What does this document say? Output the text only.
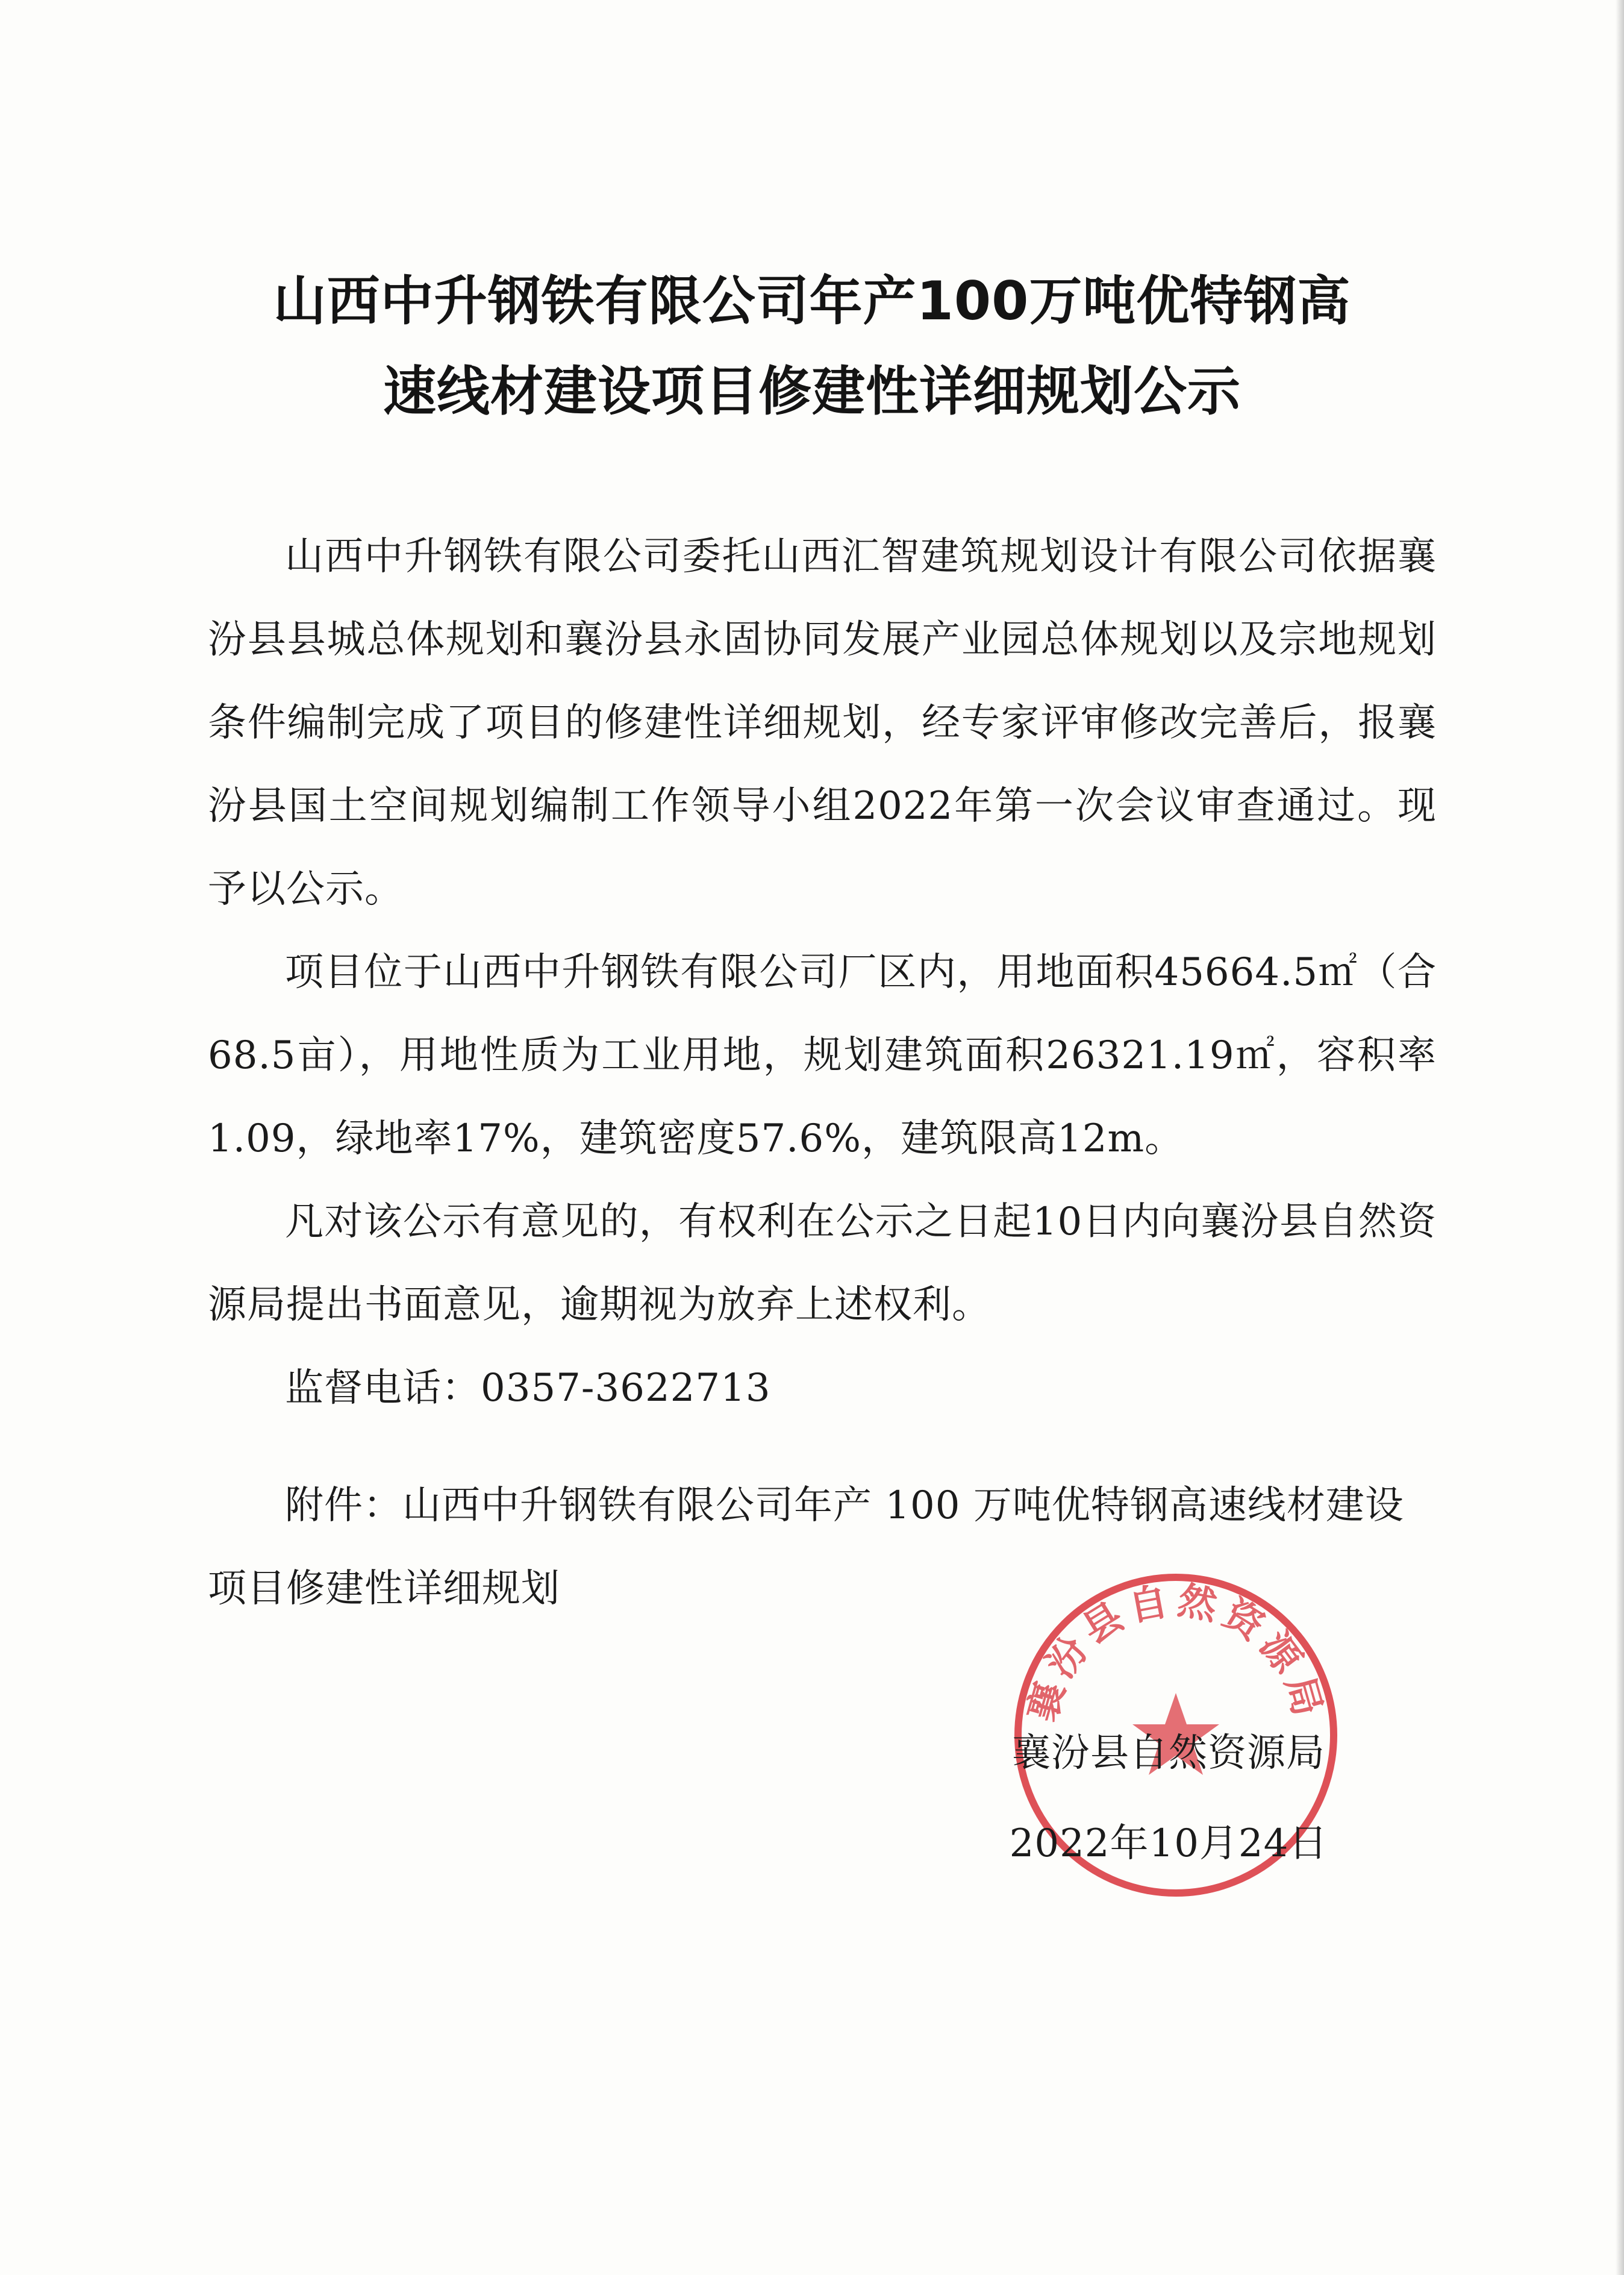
山西中升钢铁有限公司年产100万吨优特钢高
速线材建设项目修建性详细规划公示

山西中升钢铁有限公司委托山西汇智建筑规划设计有限公司依据襄汾县县城总体规划和襄汾县永固协同发展产业园总体规划以及宗地规划条件编制完成了项目的修建性详细规划，经专家评审修改完善后，报襄汾县国土空间规划编制工作领导小组2022年第一次会议审查通过。现予以公示。

项目位于山西中升钢铁有限公司厂区内，用地面积45664.5㎡（合68.5亩），用地性质为工业用地，规划建筑面积26321.19㎡，容积率1.09，绿地率17%，建筑密度57.6%，建筑限高12m。

凡对该公示有意见的，有权利在公示之日起10日内向襄汾县自然资源局提出书面意见，逾期视为放弃上述权利。

监督电话：0357-3622713

附件：山西中升钢铁有限公司年产 100 万吨优特钢高速线材建设项目修建性详细规划
襄汾县自然资源局
襄汾县自然资源局
2022年10月24日
